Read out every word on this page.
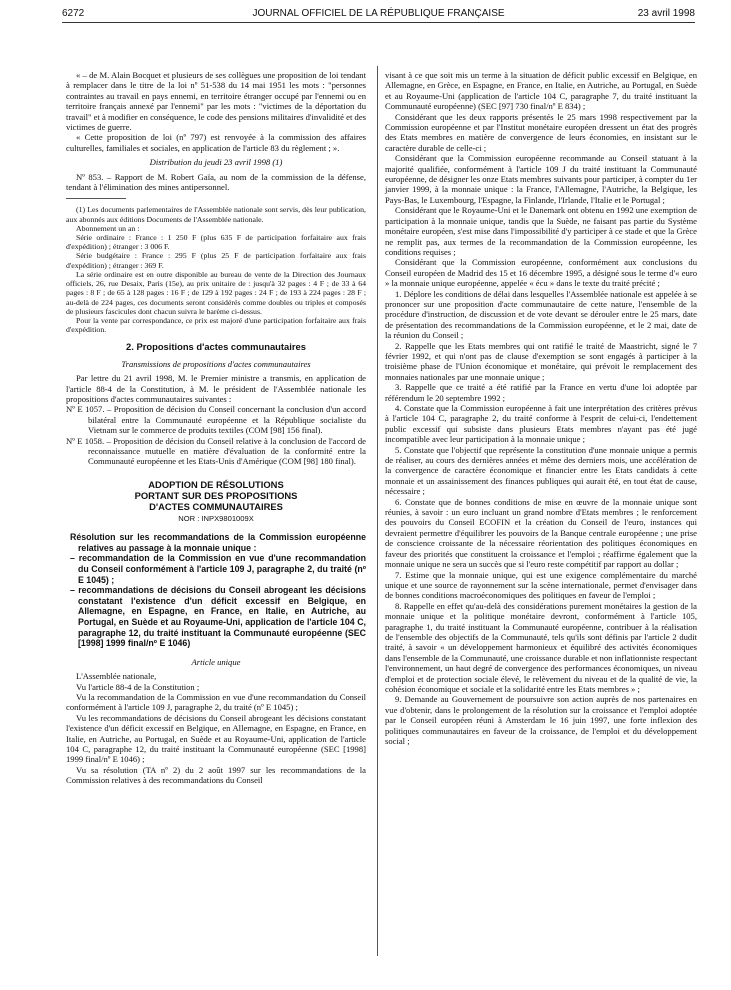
6272	JOURNAL OFFICIEL DE LA RÉPUBLIQUE FRANÇAISE	23 avril 1998

« – de M. Alain Bocquet et plusieurs de ses collègues une proposition de loi tendant à remplacer dans le titre de la loi nº 51-538 du 14 mai 1951 les mots : "personnes contraintes au travail en pays ennemi, en territoire étranger occupé par l'ennemi ou en territoire français annexé par l'ennemi" par les mots : "victimes de la déportation du travail" et à modifier en conséquence, le code des pensions militaires d'invalidité et des victimes de guerre.

« Cette proposition de loi (nº 797) est renvoyée à la commission des affaires culturelles, familiales et sociales, en application de l'article 83 du règlement ; ».

Distribution du jeudi 23 avril 1998 (1)

Nº 853. – Rapport de M. Robert Gaïa, au nom de la commission de la défense, tendant à l'élimination des mines antipersonnel.

(1) Les documents parlementaires de l'Assemblée nationale sont servis, dès leur publication, aux abonnés aux éditions Documents de l'Assemblée nationale.

Abonnement un an :

Série ordinaire : France : 1 250 F (plus 635 F de participation forfaitaire aux frais d'expédition) ; étranger : 3 006 F.

Série budgétaire : France : 295 F (plus 25 F de participation forfaitaire aux frais d'expédition) ; étranger : 369 F.

La série ordinaire est en outre disponible au bureau de vente de la Direction des Journaux officiels, 26, rue Desaix, Paris (15e), au prix unitaire de : jusqu'à 32 pages : 4 F ; de 33 à 64 pages : 8 F ; de 65 à 128 pages : 16 F ; de 129 à 192 pages : 24 F ; de 193 à 224 pages : 28 F ; au-delà de 224 pages, ces documents seront considérés comme doubles ou triples et composés de plusieurs fascicules dont chacun suivra le barème ci-dessus.

Pour la vente par correspondance, ce prix est majoré d'une participation forfaitaire aux frais d'expédition.

2. Propositions d'actes communautaires

Transmissions de propositions d'actes communautaires

Par lettre du 21 avril 1998, M. le Premier ministre a transmis, en application de l'article 88-4 de la Constitution, à M. le président de l'Assemblée nationale les propositions d'actes communautaires suivantes :

Nº E 1057. – Proposition de décision du Conseil concernant la conclusion d'un accord bilatéral entre la Communauté européenne et la République socialiste du Vietnam sur le commerce de produits textiles (COM [98] 156 final).

Nº E 1058. – Proposition de décision du Conseil relative à la conclusion de l'accord de reconnaissance mutuelle en matière d'évaluation de la conformité entre la Communauté européenne et les Etats-Unis d'Amérique (COM [98] 180 final).

ADOPTION DE RÉSOLUTIONS

PORTANT SUR DES PROPOSITIONS

D'ACTES COMMUNAUTAIRES

NOR : INPX9801009X

Résolution sur les recommandations de la Commission européenne relatives au passage à la monnaie unique :
– recommandation de la Commission en vue d'une recommandation du Conseil conformément à l'article 109 J, paragraphe 2, du traité (nº E 1045) ;
– recommandations de décisions du Conseil abrogeant les décisions constatant l'existence d'un déficit excessif en Belgique, en Allemagne, en Espagne, en France, en Italie, en Autriche, au Portugal, en Suède et au Royaume-Uni, application de l'article 104 C, paragraphe 12, du traité instituant la Communauté européenne (SEC [1998] 1999 final/nº E 1046)

Article unique

L'Assemblée nationale,

Vu l'article 88-4 de la Constitution ;

Vu la recommandation de la Commission en vue d'une recommandation du Conseil conformément à l'article 109 J, paragraphe 2, du traité (nº E 1045) ;

Vu les recommandations de décisions du Conseil abrogeant les décisions constatant l'existence d'un déficit excessif en Belgique, en Allemagne, en Espagne, en France, en Italie, en Autriche, au Portugal, en Suède et au Royaume-Uni, application de l'article 104 C, paragraphe 12, du traité instituant la Communauté européenne (SEC [1998] 1999 final/nº E 1046) ;

Vu sa résolution (TA nº 2) du 2 août 1997 sur les recommandations de la Commission relatives à des recommandations du Conseil

visant à ce que soit mis un terme à la situation de déficit public excessif en Belgique, en Allemagne, en Grèce, en Espagne, en France, en Italie, en Autriche, au Portugal, en Suède et au Royaume-Uni (application de l'article 104 C, paragraphe 7, du traité instituant la Communauté européenne) (SEC [97] 730 final/nº E 834) ;

Considérant que les deux rapports présentés le 25 mars 1998 respectivement par la Commission européenne et par l'Institut monétaire européen dressent un état des progrès des Etats membres en matière de convergence de leurs économies, en insistant sur le caractère durable de celle-ci ;

Considérant que la Commission européenne recommande au Conseil statuant à la majorité qualifiée, conformément à l'article 109 J du traité instituant la Communauté européenne, de désigner les onze Etats membres suivants pour participer, à compter du 1er janvier 1999, à la monnaie unique : la France, l'Allemagne, l'Autriche, la Belgique, les Pays-Bas, le Luxembourg, l'Espagne, la Finlande, l'Irlande, l'Italie et le Portugal ;

Considérant que le Royaume-Uni et le Danemark ont obtenu en 1992 une exemption de participation à la monnaie unique, tandis que la Suède, ne faisant pas partie du Système monétaire européen, s'est mise dans l'impossibilité d'y participer à ce stade et que la Grèce ne remplit pas, aux termes de la recommandation de la Commission européenne, les conditions requises ;

Considérant que la Commission européenne, conformément aux conclusions du Conseil européen de Madrid des 15 et 16 décembre 1995, a désigné sous le terme d'« euro » la monnaie unique européenne, appelée « écu » dans le texte du traité précité ;

1. Déplore les conditions de délai dans lesquelles l'Assemblée nationale est appelée à se prononcer sur une proposition d'acte communautaire de cette nature, l'ensemble de la procédure d'instruction, de discussion et de vote devant se dérouler entre le 25 mars, date de présentation des recommandations de la Commission européenne, et le 2 mai, date de la réunion du Conseil ;

2. Rappelle que les Etats membres qui ont ratifié le traité de Maastricht, signé le 7 février 1992, et qui n'ont pas de clause d'exemption se sont engagés à participer à la troisième phase de l'Union économique et monétaire, qui prévoit le remplacement des monnaies nationales par une monnaie unique ;

3. Rappelle que ce traité a été ratifié par la France en vertu d'une loi adoptée par référendum le 20 septembre 1992 ;

4. Constate que la Commission européenne à fait une interprétation des critères prévus à l'article 104 C, paragraphe 2, du traité conforme à l'esprit de celui-ci, l'endettement public excessif qui subsiste dans plusieurs Etats membres n'ayant pas été jugé incompatible avec leur participation à la monnaie unique ;

5. Constate que l'objectif que représente la constitution d'une monnaie unique a permis de réaliser, au cours des dernières années et même des derniers mois, une accélération de la convergence de caractère économique et financier entre les Etats candidats à cette monnaie et un assainissement des finances publiques qui aurait été, en tout état de cause, nécessaire ;

6. Constate que de bonnes conditions de mise en œuvre de la monnaie unique sont réunies, à savoir : un euro incluant un grand nombre d'Etats membres ; le renforcement des pouvoirs du Conseil ECOFIN et la création du Conseil de l'euro, instances qui devraient permettre d'équilibrer les pouvoirs de la Banque centrale européenne ; une prise de conscience croissante de la nécessaire réorientation des politiques économiques en faveur des priorités que constituent la croissance et l'emploi ; réaffirme également que la monnaie unique ne sera un succès que si l'euro reste compétitif par rapport au dollar ;

7. Estime que la monnaie unique, qui est une exigence complémentaire du marché unique et une source de rayonnement sur la scène internationale, permet d'envisager dans de bonnes conditions macroéconomiques des politiques en faveur de l'emploi ;

8. Rappelle en effet qu'au-delà des considérations purement monétaires la gestion de la monnaie unique et la politique monétaire devront, conformément à l'article 105, paragraphe 1, du traité instituant la Communauté européenne, contribuer à la réalisation de l'ensemble des objectifs de la Communauté, tels qu'ils sont définis par l'article 2 dudit traité, à savoir « un développement harmonieux et équilibré des activités économiques dans l'ensemble de la Communauté, une croissance durable et non inflationniste respectant l'environnement, un haut degré de convergence des performances économiques, un niveau d'emploi et de protection sociale élevé, le relèvement du niveau et de la qualité de vie, la cohésion économique et sociale et la solidarité entre les Etats membres » ;

9. Demande au Gouvernement de poursuivre son action auprès de nos partenaires en vue d'obtenir, dans le prolongement de la résolution sur la croissance et l'emploi adoptée par le Conseil européen réuni à Amsterdam le 16 juin 1997, une forte inflexion des politiques communautaires en faveur de la croissance, de l'emploi et du développement social ;
